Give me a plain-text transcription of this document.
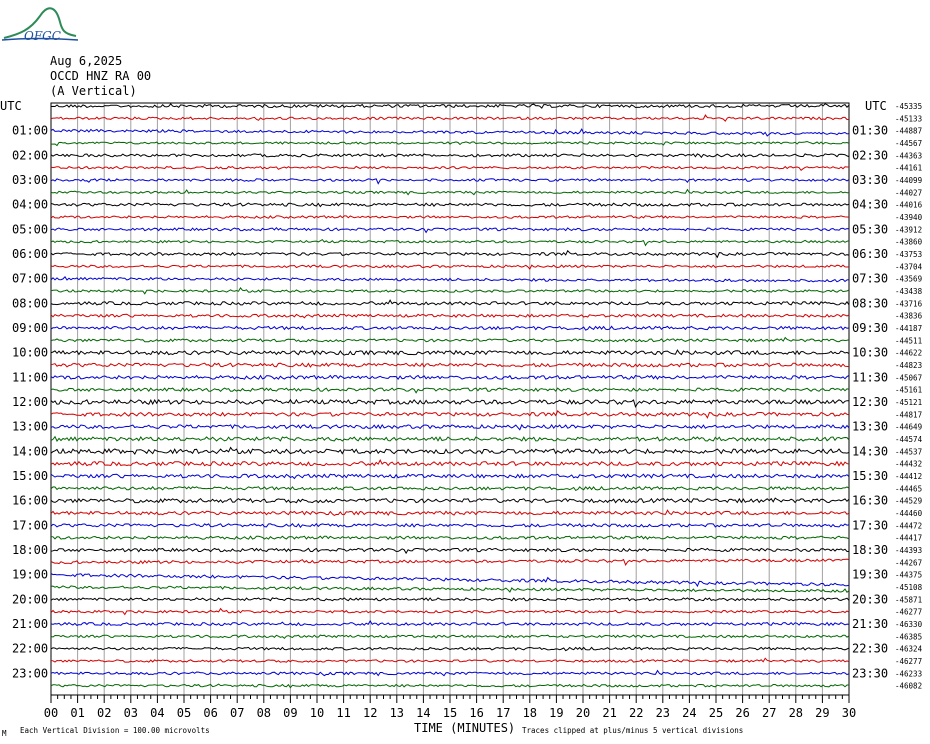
OFGC
Aug 6,2025
OCCD HNZ RA 00
(A Vertical)
01:00
02:00
03:00
04:00
05:00
06:00
07:00
08:00
09:00
10:00
11:00
12:00
13:00
14:00
15:00
16:00
17:00
18:00
19:00
20:00
21:00
22:00
23:00
01:30
02:30
03:30
04:30
05:30
06:30
07:30
08:30
09:30
10:30
11:30
12:30
13:30
14:30
15:30
16:30
17:30
18:30
19:30
20:30
21:30
22:30
23:30
-45335
-45133
-44887
-44567
-44363
-44161
-44099
-44027
-44016
-43940
-43912
-43860
-43753
-43704
-43569
-43438
-43716
-43836
-44187
-44511
-44622
-44823
-45067
-45161
-45121
-44817
-44649
-44574
-44537
-44432
-44412
-44465
-44529
-44460
-44472
-44417
-44393
-44267
-44375
-45108
-45871
-46277
-46330
-46385
-46324
-46277
-46233
-46082
00 01 02 03 04 05 06 07 08 09 10 11 12 13 14 15 16 17 18 19 20 21 22 23 24 25 26 27 28 29 30
UTC	UTC
Each Vertical Division = 100.00 microvolts	TIME (MINUTES) Traces clipped at plus/minus 5 vertical divisions
M
